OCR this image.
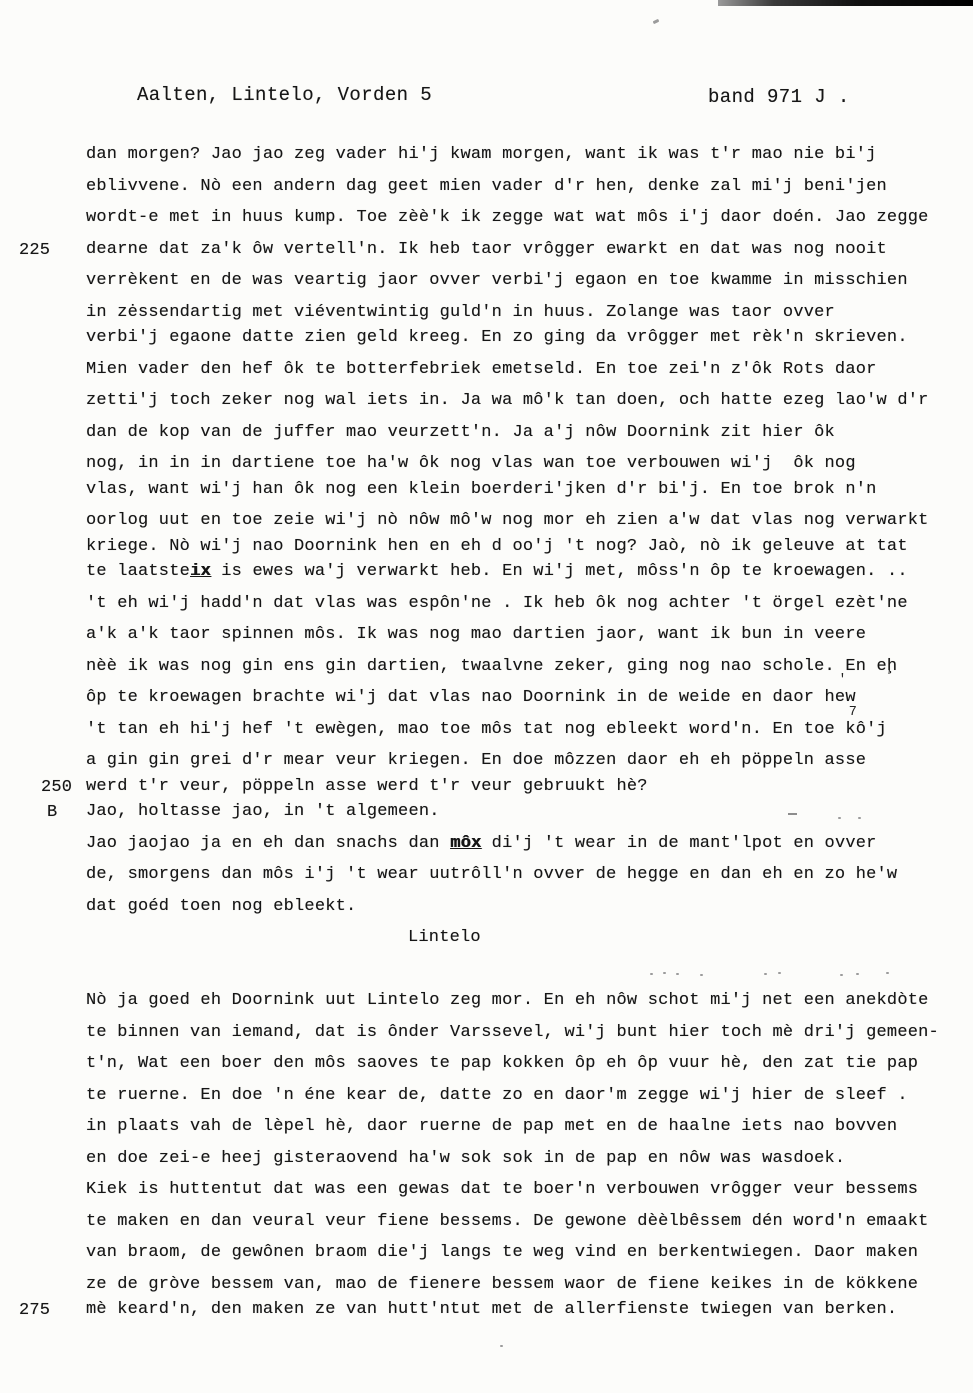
Aalten, Lintelo, Vorden 5	band 971 J .
dan morgen? Jao jao zeg vader hi'j kwam morgen, want ik was t'r mao nie bi'j
eblivvene. Nò een andern dag geet mien vader d'r hen, denke zal mi'j beni'jen
wordt-e met in huus kump. Toe zèè'k ik zegge wat wat môs i'j daor doén. Jao zegge
225 dearne dat za'k ôw vertell'n. Ik heb taor vrôgger ewarkt en dat was nog nooit
verrèkent en de was veartig jaor ovver verbi'j egaon en toe kwamme in misschien
in zėssendartig met viéventwintig guld'n in huus. Zolange was taor ovver
verbi'j egaone datte zien geld kreeg. En zo ging da vrôgger met rèk'n skrieven.
Mien vader den hef ôk te botterfebriek emetseld. En toe zei'n z'ôk Rots daor
zetti'j toch zeker nog wal iets in. Ja wa mô'k tan doen, och hatte ezeg lao'w d'r
dan de kop van de juffer mao veurzett'n. Ja a'j nôw Doornink zit hier ôk
nog, in in in dartiene toe ha'w ôk nog vlas wan toe verbouwen wi'j  ôk nog
vlas, want wi'j han ôk nog een klein boerderi'jken d'r bi'j. En toe brok n'n
oorlog uut en toe zeie wi'j nò nôw mô'w nog mor eh zien a'w dat vlas nog verwarkt
kriege. Nò wi'j nao Doornink hen en eh d oo'j 't nog? Jaò, nò ik geleuve at tat
te laatsteix is ewes wa'j verwarkt heb. En wi'j met, môss'n ôp te kroewagen. ..
't eh wi'j hadd'n dat vlas was espôn'ne . Ik heb ôk nog achter 't örgel ezèt'ne
a'k a'k taor spinnen môs. Ik was nog mao dartien jaor, want ik bun in veere
nèè ik was nog gin ens gin dartien, twaalvne zeker, ging nog nao schole. En eḩ
ôp te kroewagen brachte wi'j dat vlas nao Doornink in de weide en daor hew
'
't tan eh hi'j hef 't ewègen, mao toe môs tat nog ebleekt word'n. En toe kô'j
7
a gin gin grei d'r mear veur kriegen. En doe môzzen daor eh eh pöppeln asse
250 werd t'r veur, pöppeln asse werd t'r veur gebruukt hè?
B Jao, holtasse jao, in 't algemeen.
Jao jaojao ja en eh dan snachs dan môx di'j 't wear in de mant'lpot en ovver
de, smorgens dan môs i'j 't wear uutrôll'n ovver de hegge en dan eh en zo he'w
dat goéd toen nog ebleekt.
Lintelo
Nò ja goed eh Doornink uut Lintelo zeg mor. En eh nôw schot mi'j net een anekdòte
te binnen van iemand, dat is ônder Varssevel, wi'j bunt hier toch mè dri'j gemeen-
t'n, Wat een boer den môs saoves te pap kokken ôp eh ôp vuur hè, den zat tie pap
te ruerne. En doe 'n éne kear de, datte zo en daor'm zegge wi'j hier de sleef .
in plaats vah de lèpel hè, daor ruerne de pap met en de haalne iets nao bovven
en doe zei-e heej gisteraovend ha'w sok sok in de pap en nôw was wasdoek.
Kiek is huttentut dat was een gewas dat te boer'n verbouwen vrôgger veur bessems
te maken en dan veural veur fiene bessems. De gewone dèèlbêssem dén word'n emaakt
van braom, de gewônen braom die'j langs te weg vind en berkentwiegen. Daor maken
ze de gròve bessem van, mao de fienere bessem waor de fiene keikes in de kökkene
275 mè keard'n, den maken ze van hutt'ntut met de allerfienste twiegen van berken.
